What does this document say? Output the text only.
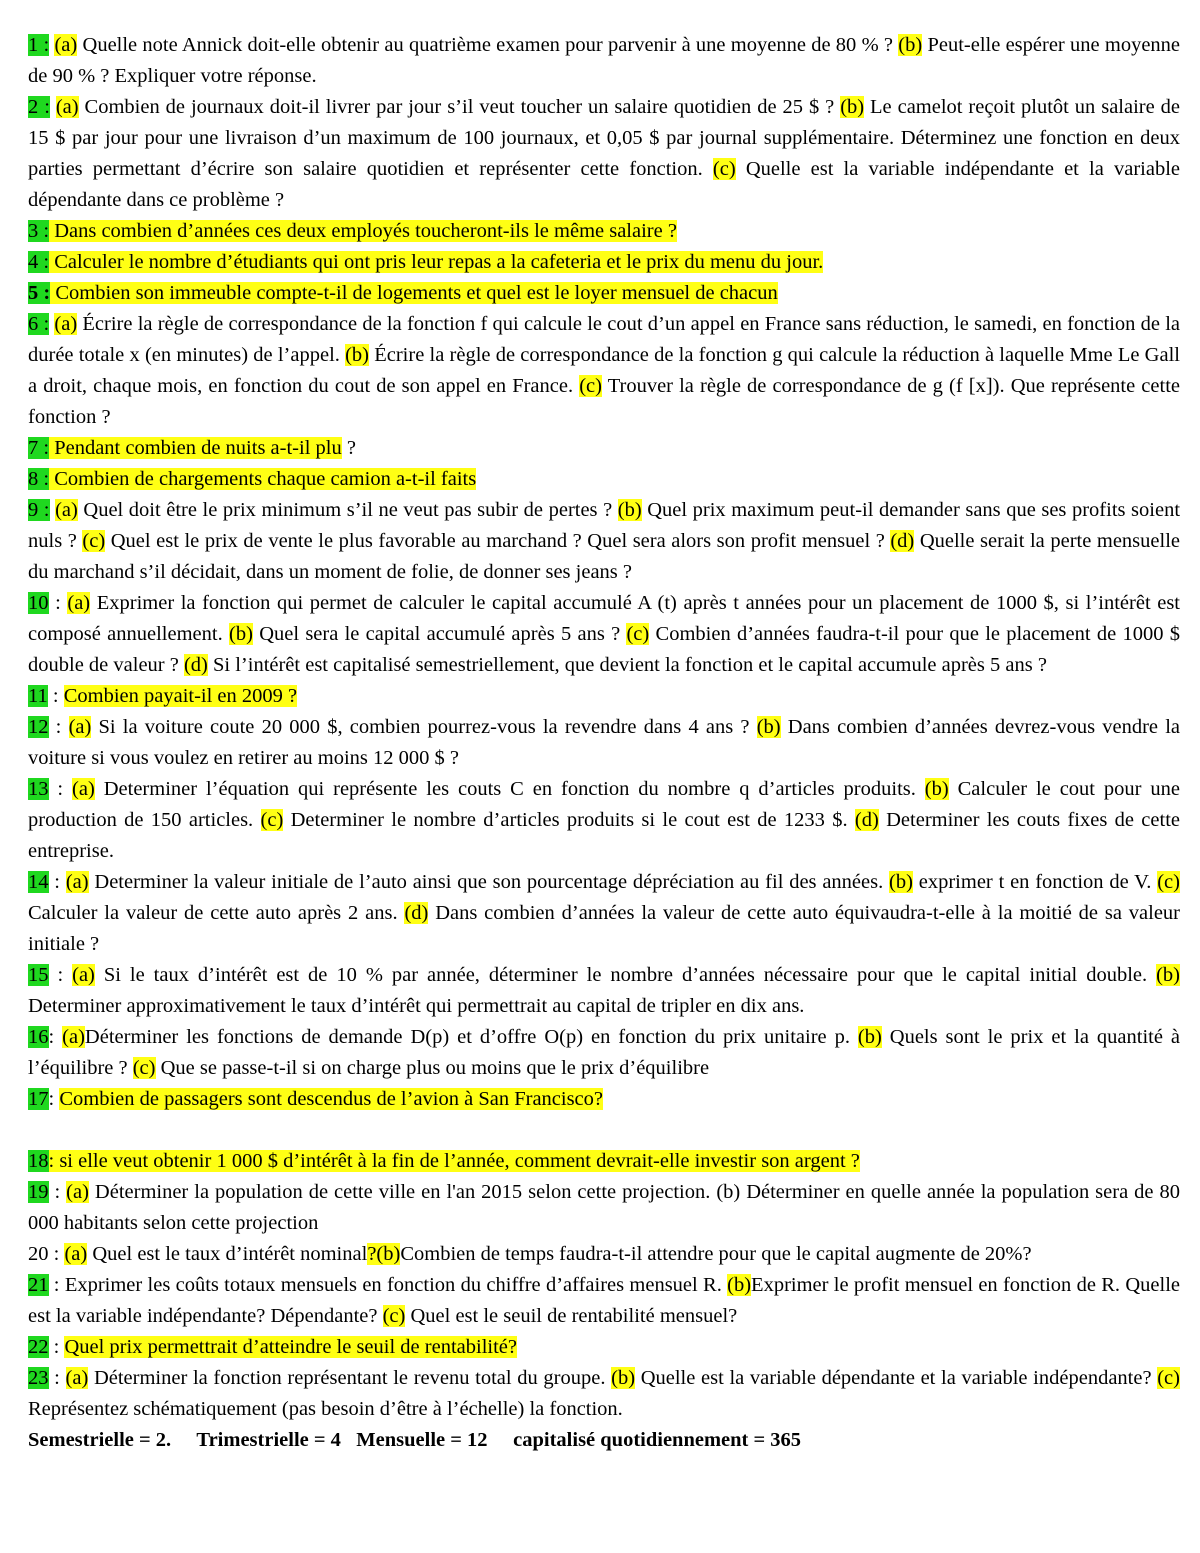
1 : (a) Quelle note Annick doit-elle obtenir au quatrième examen pour parvenir à une moyenne de 80 % ? (b) Peut-elle espérer une moyenne de 90 % ? Expliquer votre réponse.

2 : (a) Combien de journaux doit-il livrer par jour s’il veut toucher un salaire quotidien de 25 $ ? (b) Le camelot reçoit plutôt un salaire de 15 $ par jour pour une livraison d’un maximum de 100 journaux, et 0,05 $ par journal supplémentaire. Déterminez une fonction en deux parties permettant d’écrire son salaire quotidien et représenter cette fonction. (c) Quelle est la variable indépendante et la variable dépendante dans ce problème ?

3 : Dans combien d’années ces deux employés toucheront-ils le même salaire ?

4 : Calculer le nombre d’étudiants qui ont pris leur repas a la cafeteria et le prix du menu du jour.

5 : Combien son immeuble compte-t-il de logements et quel est le loyer mensuel de chacun

6 : (a) Écrire la règle de correspondance de la fonction f qui calcule le cout d’un appel en France sans réduction, le samedi, en fonction de la durée totale x (en minutes) de l’appel. (b) Écrire la règle de correspondance de la fonction g qui calcule la réduction à laquelle Mme Le Gall a droit, chaque mois, en fonction du cout de son appel en France. (c) Trouver la règle de correspondance de g (f [x]). Que représente cette fonction ?

7 : Pendant combien de nuits a-t-il plu ?

8 : Combien de chargements chaque camion a-t-il faits

9 : (a) Quel doit être le prix minimum s’il ne veut pas subir de pertes ? (b) Quel prix maximum peut-il demander sans que ses profits soient nuls ? (c) Quel est le prix de vente le plus favorable au marchand ? Quel sera alors son profit mensuel ? (d) Quelle serait la perte mensuelle du marchand s’il décidait, dans un moment de folie, de donner ses jeans ?

10 : (a) Exprimer la fonction qui permet de calculer le capital accumulé A (t) après t années pour un placement de 1000 $, si l’intérêt est composé annuellement. (b) Quel sera le capital accumulé après 5 ans ? (c) Combien d’années faudra-t-il pour que le placement de 1000 $ double de valeur ? (d) Si l’intérêt est capitalisé semestriellement, que devient la fonction et le capital accumule après 5 ans ?

11 : Combien payait-il en 2009 ?

12 : (a) Si la voiture coute 20 000 $, combien pourrez-vous la revendre dans 4 ans ? (b) Dans combien d’années devrez-vous vendre la voiture si vous voulez en retirer au moins 12 000 $ ?

13 : (a) Determiner l’équation qui représente les couts C en fonction du nombre q d’articles produits. (b) Calculer le cout pour une production de 150 articles. (c) Determiner le nombre d’articles produits si le cout est de 1233 $. (d) Determiner les couts fixes de cette entreprise.

14 : (a) Determiner la valeur initiale de l’auto ainsi que son pourcentage dépréciation au fil des années. (b) exprimer t en fonction de V. (c) Calculer la valeur de cette auto après 2 ans. (d) Dans combien d’années la valeur de cette auto équivaudra-t-elle à la moitié de sa valeur initiale ?

15 : (a) Si le taux d’intérêt est de 10 % par année, déterminer le nombre d’années nécessaire pour que le capital initial double. (b) Determiner approximativement le taux d’intérêt qui permettrait au capital de tripler en dix ans.

16: (a)Déterminer les fonctions de demande D(p) et d’offre O(p) en fonction du prix unitaire p. (b) Quels sont le prix et la quantité à l’équilibre ? (c) Que se passe-t-il si on charge plus ou moins que le prix d’équilibre

17: Combien de passagers sont descendus de l’avion à San Francisco?

18: si elle veut obtenir 1 000 $ d’intérêt à la fin de l’année, comment devrait-elle investir son argent ?

19 : (a) Déterminer la population de cette ville en l'an 2015 selon cette projection. (b) Déterminer en quelle année la population sera de 80 000 habitants selon cette projection

20 : (a) Quel est le taux d’intérêt nominal?(b)Combien de temps faudra-t-il attendre pour que le capital augmente de 20%?

21 : Exprimer les coûts totaux mensuels en fonction du chiffre d’affaires mensuel R. (b)Exprimer le profit mensuel en fonction de R. Quelle est la variable indépendante? Dépendante? (c) Quel est le seuil de rentabilité mensuel?

22 : Quel prix permettrait d’atteindre le seuil de rentabilité?

23 : (a) Déterminer la fonction représentant le revenu total du groupe. (b) Quelle est la variable dépendante et la variable indépendante? (c) Représentez schématiquement (pas besoin d’être à l’échelle) la fonction.

Semestrielle = 2.     Trimestrielle = 4   Mensuelle = 12     capitalisé quotidiennement = 365
